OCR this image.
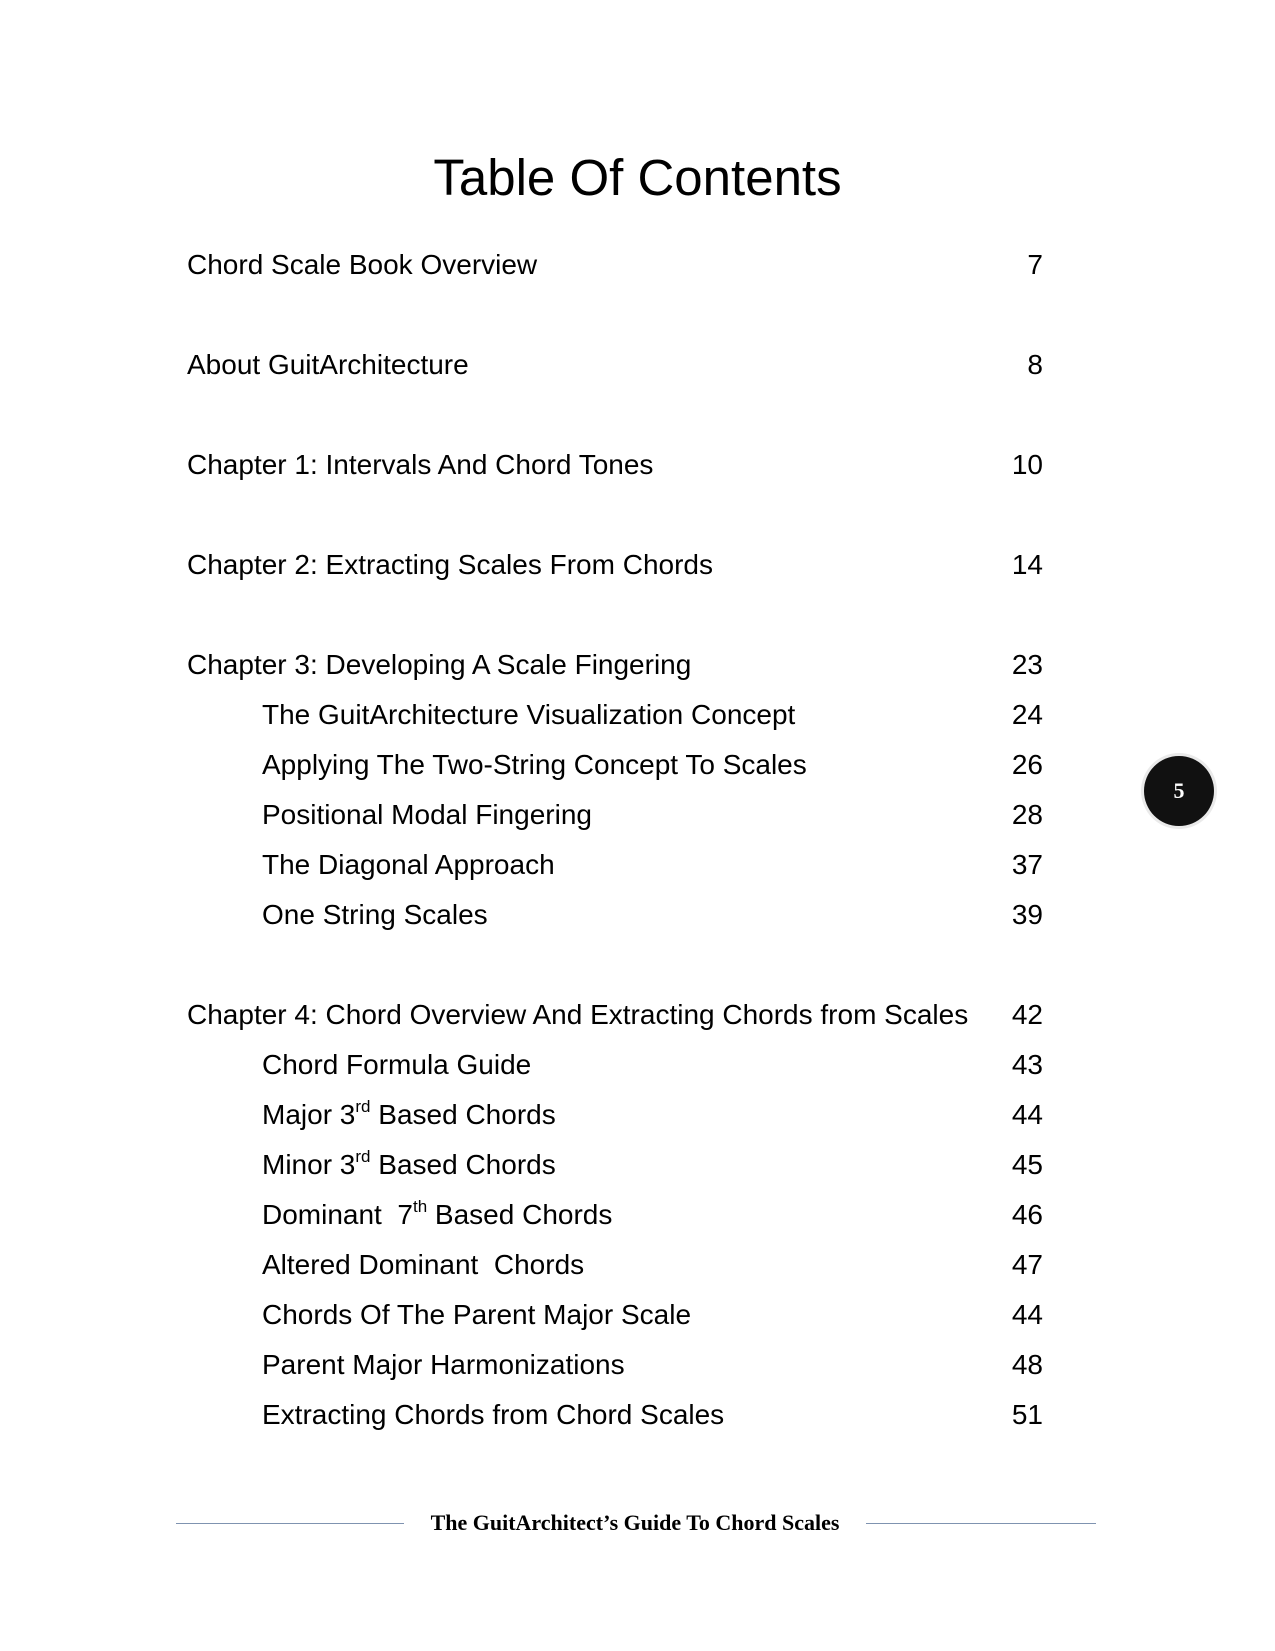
Table Of Contents
Chord Scale Book Overview	7
About GuitArchitecture	8
Chapter 1: Intervals And Chord Tones	10
Chapter 2: Extracting Scales From Chords	14
Chapter 3: Developing A Scale Fingering	23
The GuitArchitecture Visualization Concept	24
Applying The Two-String Concept To Scales	26
Positional Modal Fingering	28
The Diagonal Approach	37
One String Scales	39
Chapter 4: Chord Overview And Extracting Chords from Scales 42
Chord Formula Guide	43
Major 3rd Based Chords	44
Minor 3rd Based Chords	45
Dominant  7th Based Chords	46
Altered Dominant  Chords	47
Chords Of The Parent Major Scale	44
Parent Major Harmonizations	48
Extracting Chords from Chord Scales	51
5
The GuitArchitect’s Guide To Chord Scales
